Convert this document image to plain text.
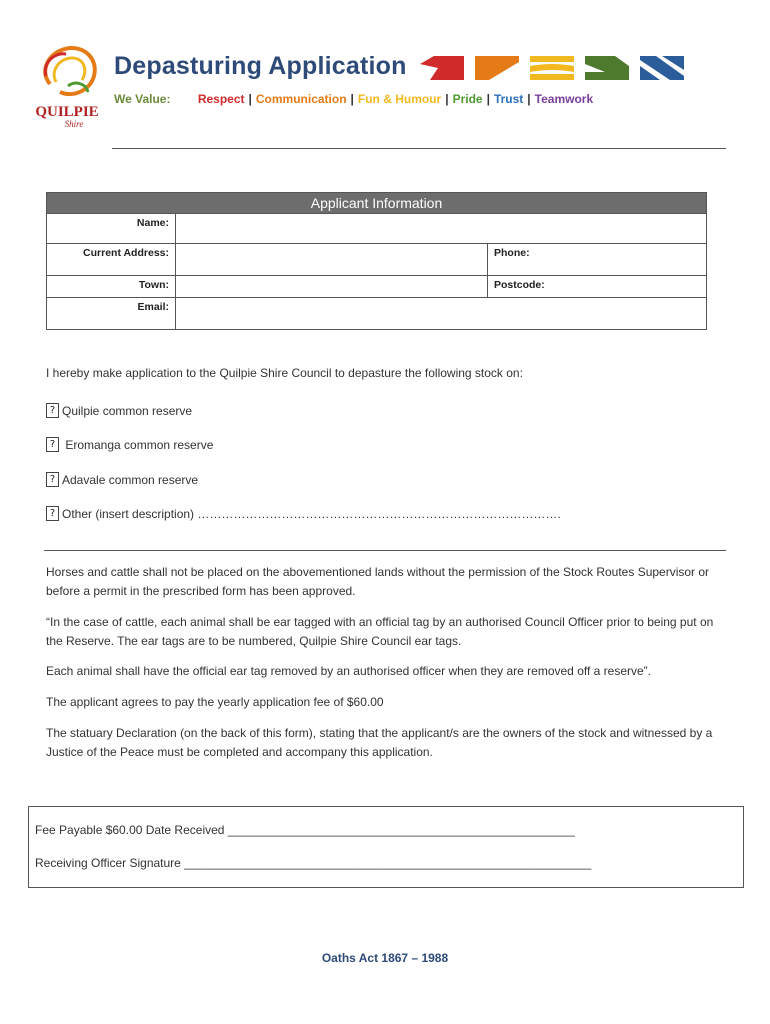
QUILPIE
Shire
Depasturing Application
We Value: Respect | Communication | Fun & Humour | Pride | Trust | Teamwork
Applicant Information		
Name:		
Current Address:		Phone:
Town:		Postcode:
Email:		
I hereby make application to the Quilpie Shire Council to depasture the following stock on:
? Quilpie common reserve
? Eromanga common reserve
? Adavale common reserve
? Other (insert description) ……………………………………………………………………………….
Horses and cattle shall not be placed on the abovementioned lands without the permission of the Stock Routes Supervisor or before a permit in the prescribed form has been approved.
“In the case of cattle, each animal shall be ear tagged with an official tag by an authorised Council Officer prior to being put on the Reserve. The ear tags are to be numbered, Quilpie Shire Council ear tags.
Each animal shall have the official ear tag removed by an authorised officer when they are removed off a reserve”.
The applicant agrees to pay the yearly application fee of $60.00
The statuary Declaration (on the back of this form), stating that the applicant/s are the owners of the stock and witnessed by a Justice of the Peace must be completed and accompany this application.
Fee Payable $60.00 Date Received ____________________________________________________
Receiving Officer Signature _____________________________________________________________
Oaths Act 1867 – 1988
